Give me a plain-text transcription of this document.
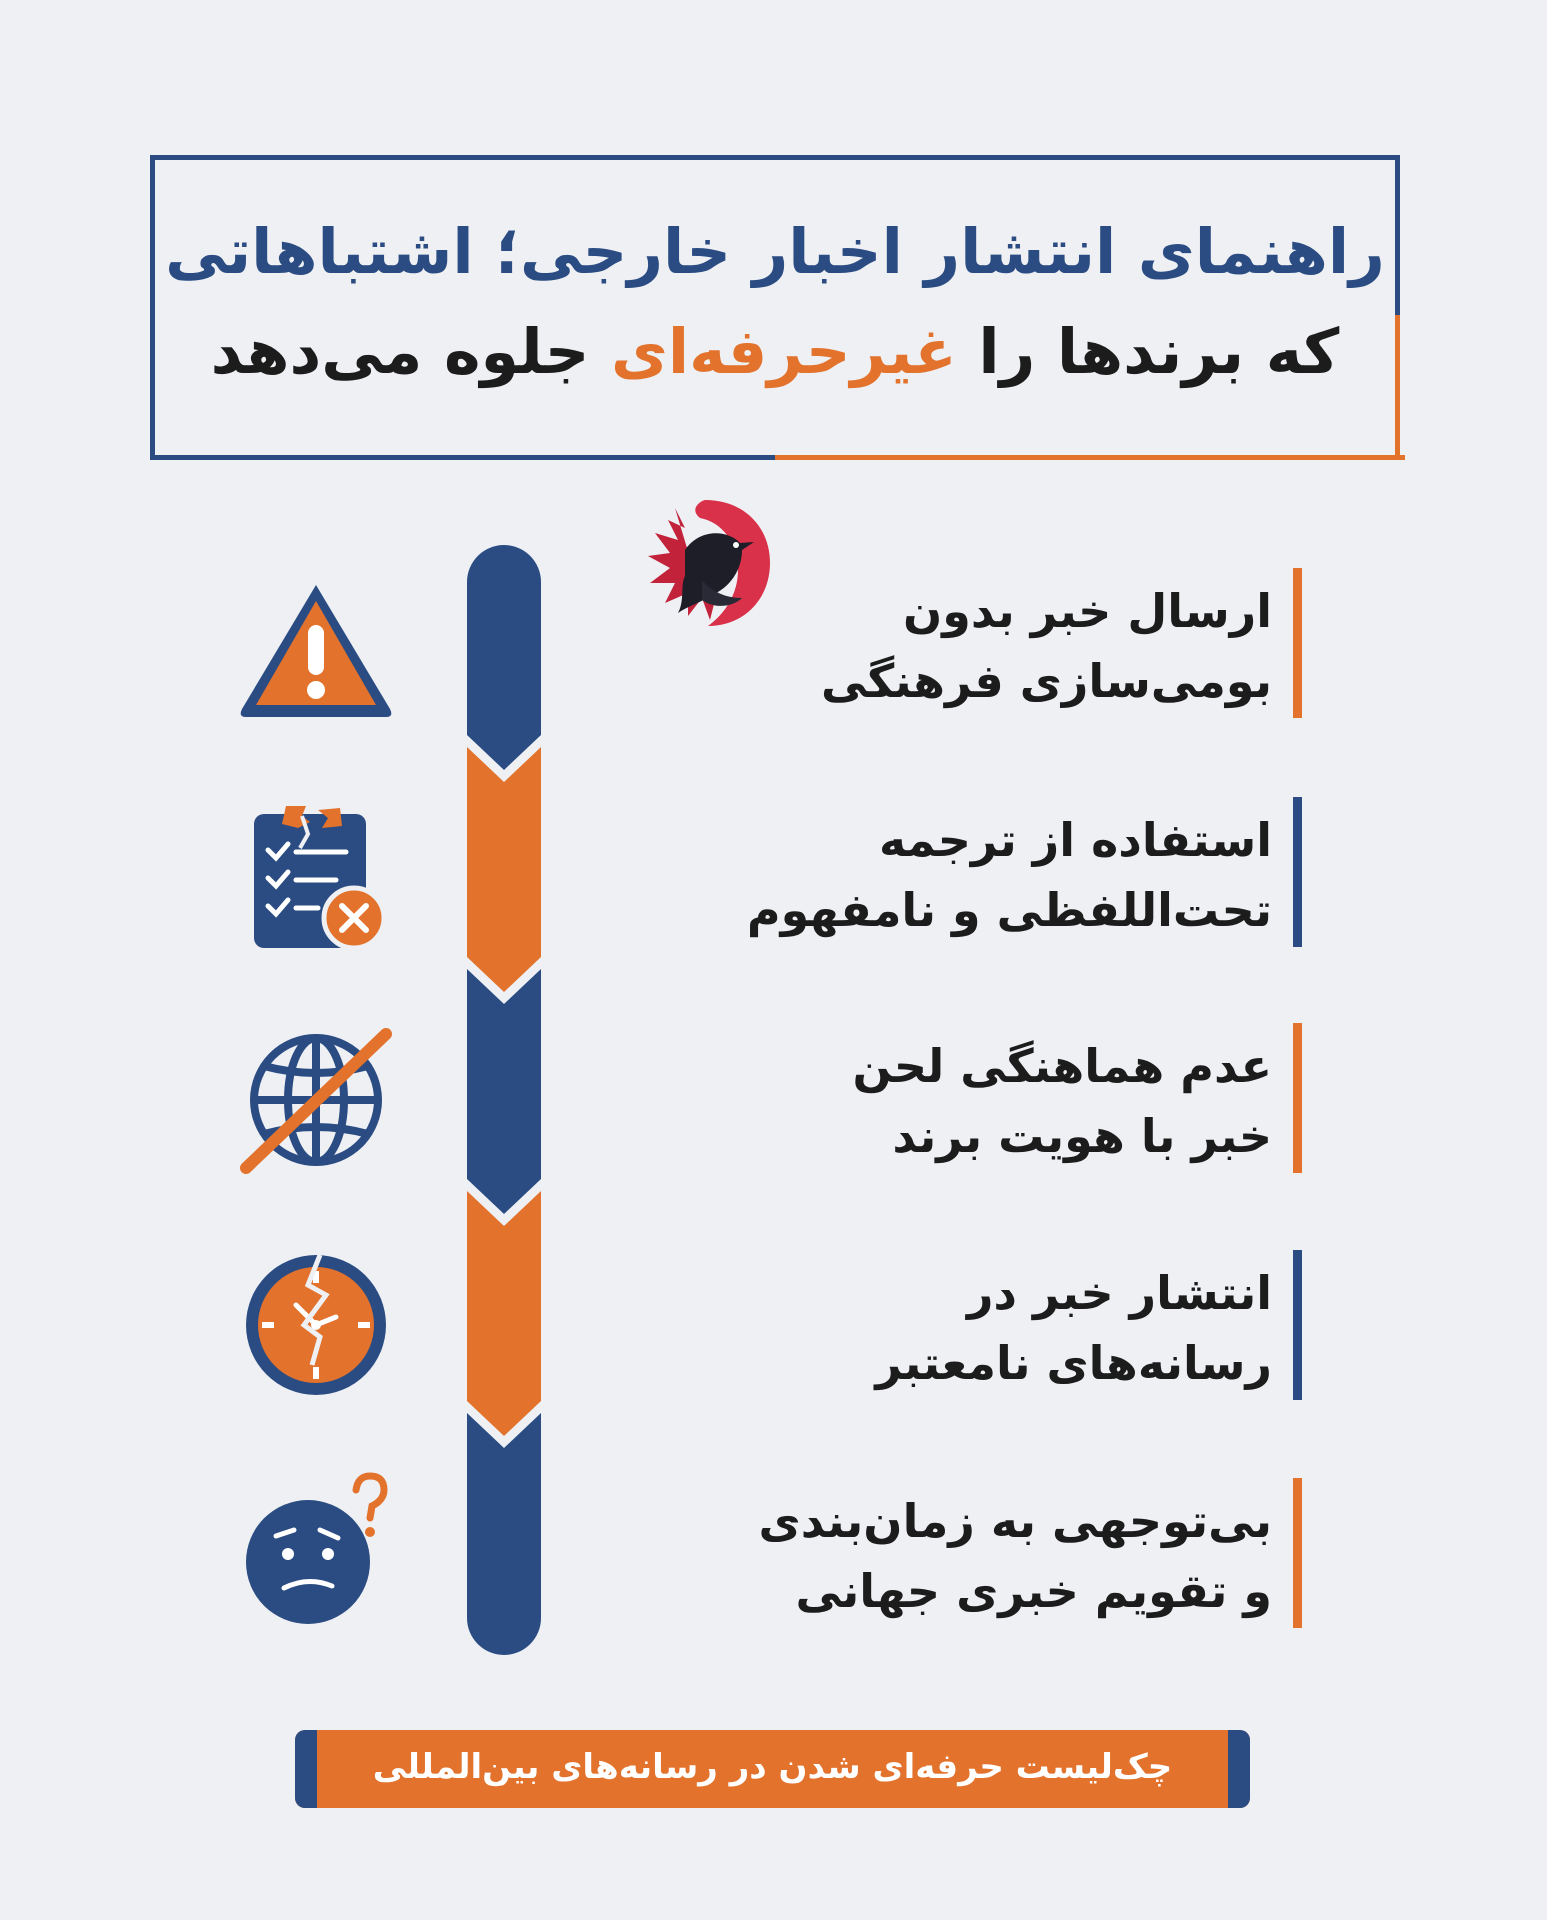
راهنمای انتشار اخبار خارجی؛ اشتباهاتی
که برندها را غیرحرفه‌ای جلوه می‌دهد
ارسال خبر بدون
بومی‌سازی فرهنگی
استفاده از ترجمه
تحت‌اللفظی و نامفهوم
عدم هماهنگی لحن
خبر با هویت برند
انتشار خبر در
رسانه‌های نامعتبر
بی‌توجهی به زمان‌بندی
و تقویم خبری جهانی
چک‌لیست حرفه‌ای شدن در رسانه‌های بین‌المللی
